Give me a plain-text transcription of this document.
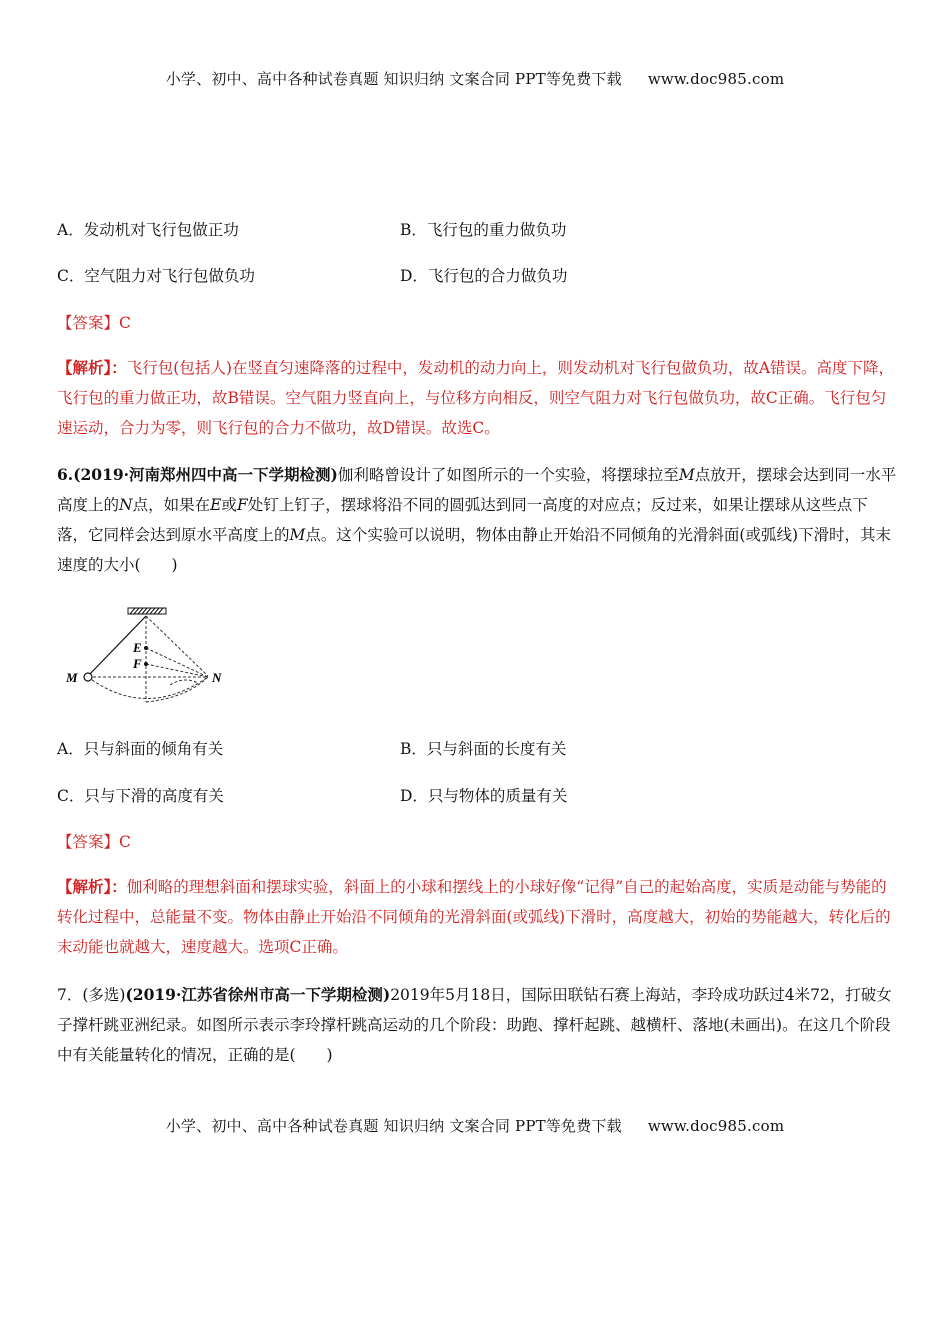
小学、初中、高中各种试卷真题 知识归纳 文案合同 PPT等免费下载 www.doc985.com
A．发动机对飞行包做正功	B．飞行包的重力做负功
C．空气阻力对飞行包做负功	D．飞行包的合力做负功
【答案】C
【解析】：飞行包(包括人)在竖直匀速降落的过程中，发动机的动力向上，则发动机对飞行包做负功，故A错误。高度下降，飞行包的重力做正功，故B错误。空气阻力竖直向上，与位移方向相反，则空气阻力对飞行包做负功，故C正确。飞行包匀速运动，合力为零，则飞行包的合力不做功，故D错误。故选C。
6.(2019·河南郑州四中高一下学期检测)伽利略曾设计了如图所示的一个实验，将摆球拉至M点放开，摆球会达到同一水平高度上的N点，如果在E或F处钉上钉子，摆球将沿不同的圆弧达到同一高度的对应点；反过来，如果让摆球从这些点下落，它同样会达到原水平高度上的M点。这个实验可以说明，物体由静止开始沿不同倾角的光滑斜面(或弧线)下滑时，其末速度的大小(　　)
E
F
M	N
A．只与斜面的倾角有关	B．只与斜面的长度有关
C．只与下滑的高度有关	D．只与物体的质量有关
【答案】C
【解析】：伽利略的理想斜面和摆球实验，斜面上的小球和摆线上的小球好像“记得”自己的起始高度，实质是动能与势能的转化过程中，总能量不变。物体由静止开始沿不同倾角的光滑斜面(或弧线)下滑时，高度越大，初始的势能越大，转化后的末动能也就越大，速度越大。选项C正确。
7．(多选)(2019·江苏省徐州市高一下学期检测)2019年5月18日，国际田联钻石赛上海站，李玲成功跃过4米72，打破女子撑杆跳亚洲纪录。如图所示表示李玲撑杆跳高运动的几个阶段：助跑、撑杆起跳、越横杆、落地(未画出)。在这几个阶段中有关能量转化的情况，正确的是(　　)
小学、初中、高中各种试卷真题 知识归纳 文案合同 PPT等免费下载 www.doc985.com
